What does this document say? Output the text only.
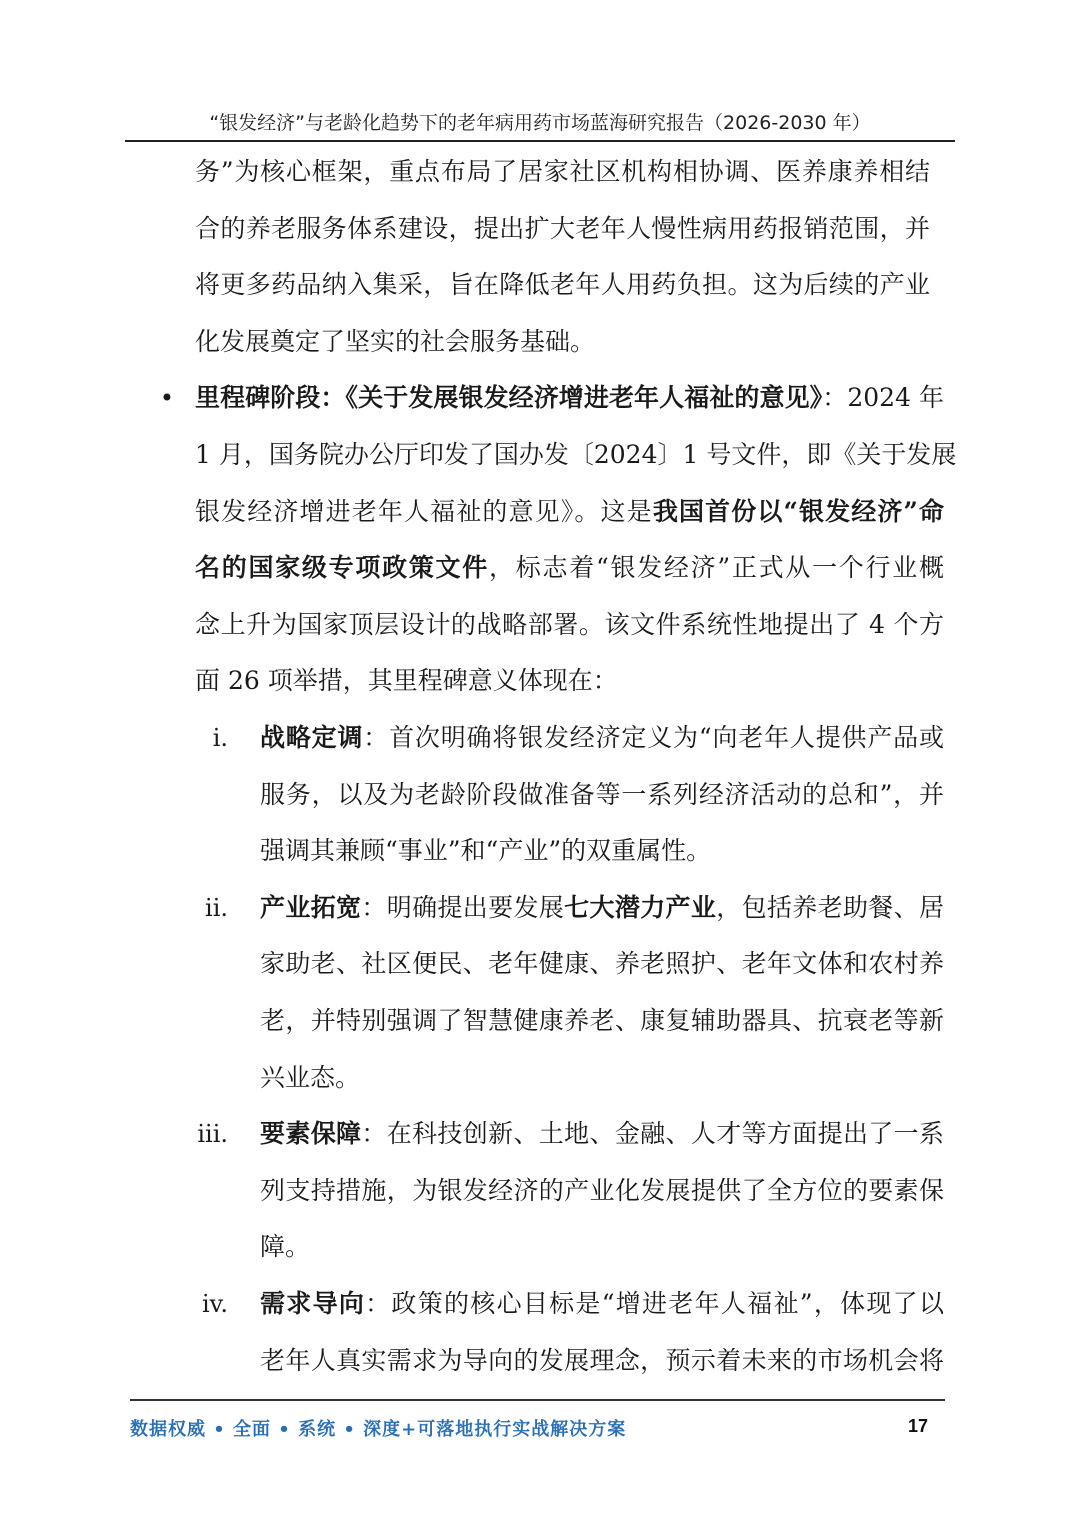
“银发经济”与老龄化趋势下的老年病用药市场蓝海研究报告（2026-2030 年）
务”为核心框架，重点布局了居家社区机构相协调、医养康养相结
合的养老服务体系建设，提出扩大老年人慢性病用药报销范围，并
将更多药品纳入集采，旨在降低老年人用药负担。这为后续的产业
化发展奠定了坚实的社会服务基础。
• 里程碑阶段：《关于发展银发经济增进老年人福祉的意见》：2024 年
1 月，国务院办公厅印发了国办发〔2024〕1 号文件，即《关于发展
银发经济增进老年人福祉的意见》。这是我国首份以“银发经济”命
名的国家级专项政策文件，标志着“银发经济”正式从一个行业概
念上升为国家顶层设计的战略部署。该文件系统性地提出了 4 个方
面 26 项举措，其里程碑意义体现在：
i. 战略定调：首次明确将银发经济定义为“向老年人提供产品或
服务，以及为老龄阶段做准备等一系列经济活动的总和”，并
强调其兼顾“事业”和“产业”的双重属性。
ii. 产业拓宽：明确提出要发展七大潜力产业，包括养老助餐、居
家助老、社区便民、老年健康、养老照护、老年文体和农村养
老，并特别强调了智慧健康养老、康复辅助器具、抗衰老等新
兴业态。
iii. 要素保障：在科技创新、土地、金融、人才等方面提出了一系
列支持措施，为银发经济的产业化发展提供了全方位的要素保
障。
iv. 需求导向：政策的核心目标是“增进老年人福祉”，体现了以
老年人真实需求为导向的发展理念，预示着未来的市场机会将
数据权威 • 全面 • 系统 • 深度+可落地执行实战解决方案	17
